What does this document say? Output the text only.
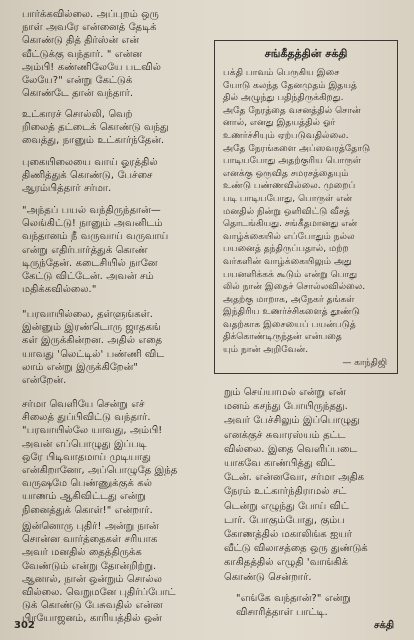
பார்க்கவில்லை. அப்புறம் ஒரு
நாள் அவரே என்னைத் தேடிக்
கொண்டு தித் திர்ஸ்ன் என்
வீட்டுக்கு வந்தார். " என்ன
அம்பி! கண்ணிலேயே படவில்
லேயே?" என்று கேட்டுக்
கொண்டே தான் வந்தார்.
உட்காரச் சொல்லி, வெற்
றிலைத் தட்டைக் கொண்டு வந்து
வைத்து, நானும் உட்கார்ந்தேன்.
புகையிலையை வாய் ஓரத்தில்
திணித்துக் கொண்டு, பேச்சை
ஆரம்பித்தார் சர்மா.
"அந்தப் பயல் வந்திருந்தான்—
லெங்கிட்டு! நானும் அவனிடம்
வந்தானம் நீ வருவாய் வருவாய்
என்று எதிர்பார்த்துக் கொண்
டிருந்தேன். கடைசியில் நானே
கேட்டு விட்டேன். அவன் சம்
மதிக்கவில்லை."
"பரவாயில்லை, தள்ளுங்கள்.
இன்னும் இரண்டொரு ஜாதகங்
கள் இருக்கின்றன. அதில் எதை
யாவது 'லெட்டில்' பண்ணி விட
லாம் என்று இருக்கிறேன்"
என்றேன்.
சர்மா வெளியே சென்று எச்
சிலைத் துப்பிவிட்டு வந்தார்.
"பரவாயில்லே யாவது, அம்பி!
அவன் எப்பொழுது இப்படி
ஒரே பிடிவாதமாய் முடியாது
என்கிறானோ, அப்பொழுதே இந்த
வருஷமே பெண்ணுக்குக் கல்
யாணம் ஆகிவிட்டது என்று
நினைத்துக் கொள்!" என்றார்.
சங்கீதத்தின் சக்தி
பக்தி பாவம் பெருகிய இசை
யோடு கலந்த தேனமுதம் இதயத்
தில் அழுந்து பதிந்திருக்கிறது.
அதே நேரத்தை வசனத்தில் சொன்
னால், எனது இதயத்தில் ஓர்
உணர்ச்சியும் ஏற்படுவதில்லை.
அதே நேரங்களை அப்ஸவரத்தோடு
பாடியபோது அதற்குரிய பொருள்
எனக்கு ஒருவித சமரசத்தையும்
உண்டு பண்ணவில்லை. முறைப்
படி பாடியபோது, பொருள் என்
மனதில் நின்று ஒளிவிட்டு வீசத்
தொடங்கியது. சங்கீதமானது என்
வாழ்க்கையில் எப்போதும் நல்ல
பயனைத் தந்திருப்பதால், மற்ற
வர்களின் வாழ்க்கையிலும் அது
பயனளிக்கக் கூடும் என்று பொது
லில் நான் இதைச் சொல்லவில்லை.
அதற்கு மாறாக, அநேகர் தங்கள்
இந்திரிய உணர்ச்சிகளைத் தூண்டு
வதற்காக இசையைப் பயன்படுத்
திக்கொண்டிருந்தன் என்பதை
யும் நான் அறிவேன்.
— காந்திஜி
றும் செய்யாமல் என்று என்
மனம் கசந்து போயிருந்தது.
அவர் பேச்சிலும் இப்பொழுது
எனக்குச் சுவாரஸ்யம் தட்ட
வில்லை. இதை வெளிப்படை
யாகவே காண்பித்து விட்
டேன். என்னவோ, சர்மா அதிக
நேரம் உட்கார்ந்திராமல் சட்
டென்று எழுந்து போய் விட்
டார். போகும்போது, கும்ப
கோணத்தில் மகாலிங்க ஐயர்
வீட்டு விலாசத்தை ஒரு துண்டுக்
காகிதத்தில் எழுதி 'வாங்கிக்
கொண்டு சென்றார்.
"எங்கே வந்தான்?" என்று
விசாரித்தாள் பாட்டி.
302	சக்தி
இன்னொரு புதிர்! அன்று நான்
சொன்ன வார்த்தைகள் சரியாக
அவர் மனதில் தைத்திருக்க
வேண்டும் என்று தோன்றிற்று.
ஆனால், நான் ஒன்றும் சொல்ல
வில்லை. வெறுமனே புதிர்ப்போட்
டுக் கொண்டு பேசுவதில் என்ன
பிரயோஜனம், காரியத்தில் ஒன்
